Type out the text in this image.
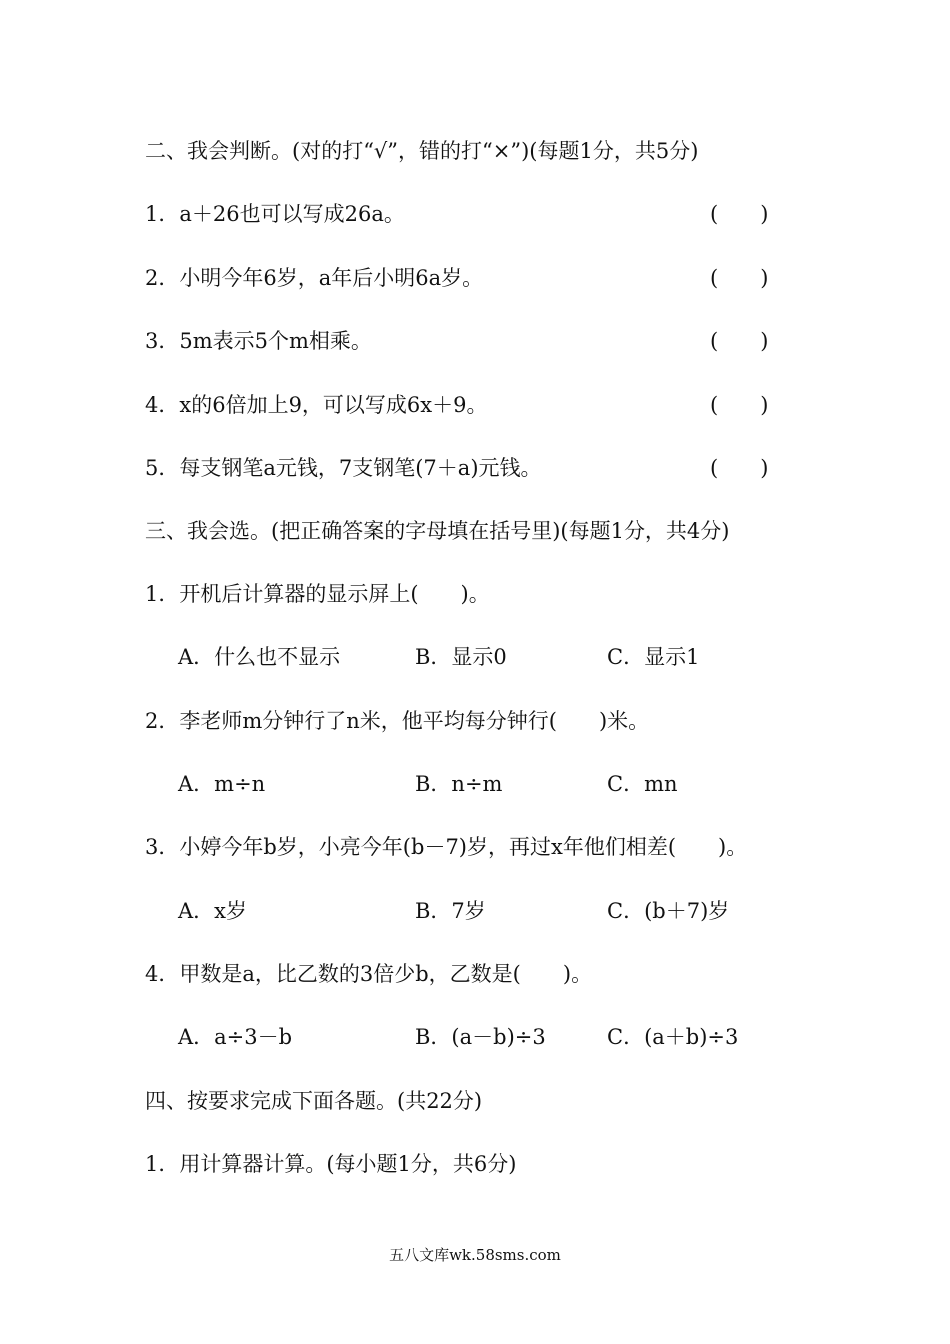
二、我会判断。(对的打“√”，错的打“×”)(每题1分，共5分)
1．a＋26也可以写成26a。	(　　)
2．小明今年6岁，a年后小明6a岁。	(　　)
3．5m表示5个m相乘。	(　　)
4．x的6倍加上9，可以写成6x＋9。	(　　)
5．每支钢笔a元钱，7支钢笔(7＋a)元钱。	(　　)
三、我会选。(把正确答案的字母填在括号里)(每题1分，共4分)
1．开机后计算器的显示屏上(　　)。
A．什么也不显示	B．显示0	C．显示1
2．李老师m分钟行了n米，他平均每分钟行(　　)米。
A．m÷n	B．n÷m	C．mn
3．小婷今年b岁，小亮今年(b－7)岁，再过x年他们相差(　　)。
A．x岁	B．7岁	C．(b＋7)岁
4．甲数是a，比乙数的3倍少b，乙数是(　　)。
A．a÷3－b	B．(a－b)÷3	C．(a＋b)÷3
四、按要求完成下面各题。(共22分)
1．用计算器计算。(每小题1分，共6分)
五八文库wk.58sms.com
